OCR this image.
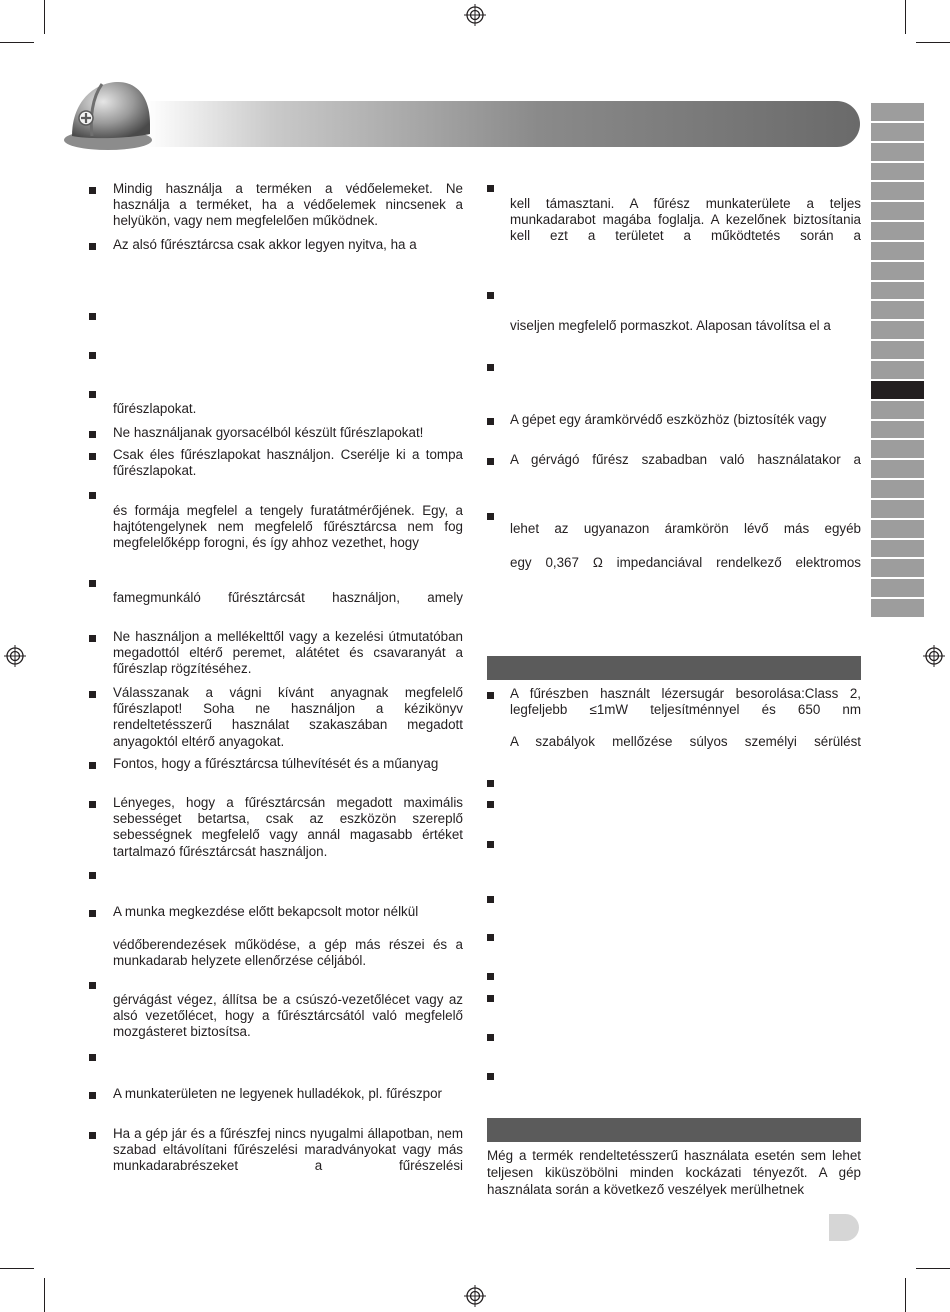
Mindig használja a terméken a védőelemeket. Ne használja a terméket, ha a védőelemek nincsenek a helyükön, vagy nem megfelelően működnek.
Az alsó fűrésztárcsa csak akkor legyen nyitva, ha a
fűrészlapokat.
Ne használjanak gyorsacélból készült fűrészlapokat!
Csak éles fűrészlapokat használjon. Cserélje ki a tompa fűrészlapokat.
és formája megfelel a tengely furatátmérőjének. Egy, a hajtótengelynek nem megfelelő fűrésztárcsa nem fog megfelelőképp forogni, és így ahhoz vezethet, hogy
famegmunkáló fűrésztárcsát használjon, amely
Ne használjon a mellékelttől vagy a kezelési útmutatóban megadottól eltérő peremet, alátétet és csavaranyát a fűrészlap rögzítéséhez.
Válasszanak a vágni kívánt anyagnak megfelelő fűrészlapot! Soha ne használjon a kézikönyv rendeltetésszerű használat szakaszában megadott anyagoktól eltérő anyagokat.
Fontos, hogy a fűrésztárcsa túlhevítését és a műanyag
Lényeges, hogy a fűrésztárcsán megadott maximális sebességet betartsa, csak az eszközön szereplő sebességnek megfelelő vagy annál magasabb értéket tartalmazó fűrésztárcsát használjon.
A munka megkezdése előtt bekapcsolt motor nélkül
védőberendezések működése, a gép más részei és a munkadarab helyzete ellenőrzése céljából.
gérvágást végez, állítsa be a csúszó-vezetőlécet vagy az alsó vezetőlécet, hogy a fűrésztárcsától való megfelelő mozgásteret biztosítsa.
A munkaterületen ne legyenek hulladékok, pl. fűrészpor
Ha a gép jár és a fűrészfej nincs nyugalmi állapotban, nem szabad eltávolítani fűrészelési maradványokat vagy más munkadarabrészeket a fűrészelési
kell támasztani. A fűrész munkaterülete a teljes munkadarabot magába foglalja. A kezelőnek biztosítania kell ezt a területet a működtetés során a
viseljen megfelelő pormaszkot. Alaposan távolítsa el a
A gépet egy áramkörvédő eszközhöz (biztosíték vagy
A gérvágó fűrész szabadban való használatakor a
lehet az ugyanazon áramkörön lévő más egyéb
egy 0,367 Ω impedanciával rendelkező elektromos
A fűrészben használt lézersugár besorolása:Class 2, legfeljebb ≤1mW teljesítménnyel és 650 nm
A szabályok mellőzése súlyos személyi sérülést
Még a termék rendeltetésszerű használata esetén sem lehet teljesen kiküszöbölni minden kockázati tényezőt. A gép használata során a következő veszélyek merülhetnek
